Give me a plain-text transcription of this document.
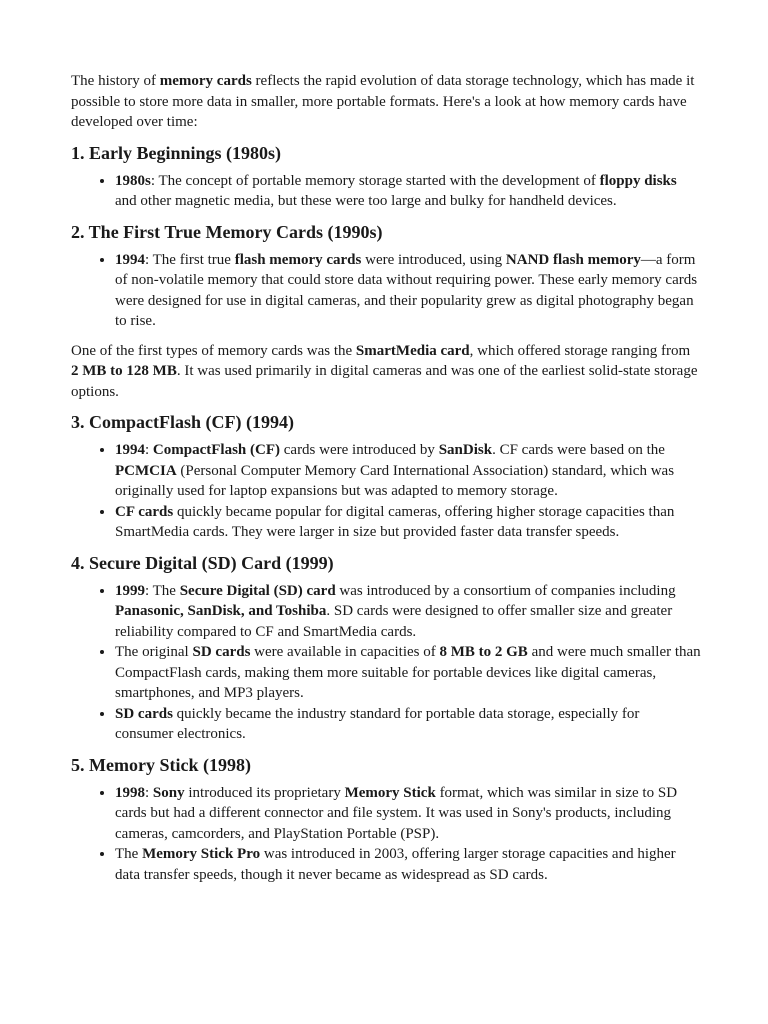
The history of memory cards reflects the rapid evolution of data storage technology, which has made it possible to store more data in smaller, more portable formats. Here's a look at how memory cards have developed over time:

1. Early Beginnings (1980s)
• 1980s: The concept of portable memory storage started with the development of floppy disks and other magnetic media, but these were too large and bulky for handheld devices.
2. The First True Memory Cards (1990s)
• 1994: The first true flash memory cards were introduced, using NAND flash memory—a form of non-volatile memory that could store data without requiring power. These early memory cards were designed for use in digital cameras, and their popularity grew as digital photography began to rise.

One of the first types of memory cards was the SmartMedia card, which offered storage ranging from 2 MB to 128 MB. It was used primarily in digital cameras and was one of the earliest solid-state storage options.

3. CompactFlash (CF) (1994)
• 1994: CompactFlash (CF) cards were introduced by SanDisk. CF cards were based on the PCMCIA (Personal Computer Memory Card International Association) standard, which was originally used for laptop expansions but was adapted to memory storage.
• CF cards quickly became popular for digital cameras, offering higher storage capacities than SmartMedia cards. They were larger in size but provided faster data transfer speeds.
4. Secure Digital (SD) Card (1999)
• 1999: The Secure Digital (SD) card was introduced by a consortium of companies including Panasonic, SanDisk, and Toshiba. SD cards were designed to offer smaller size and greater reliability compared to CF and SmartMedia cards.
• The original SD cards were available in capacities of 8 MB to 2 GB and were much smaller than CompactFlash cards, making them more suitable for portable devices like digital cameras, smartphones, and MP3 players.
• SD cards quickly became the industry standard for portable data storage, especially for consumer electronics.
5. Memory Stick (1998)
• 1998: Sony introduced its proprietary Memory Stick format, which was similar in size to SD cards but had a different connector and file system. It was used in Sony's products, including cameras, camcorders, and PlayStation Portable (PSP).
• The Memory Stick Pro was introduced in 2003, offering larger storage capacities and higher data transfer speeds, though it never became as widespread as SD cards.
